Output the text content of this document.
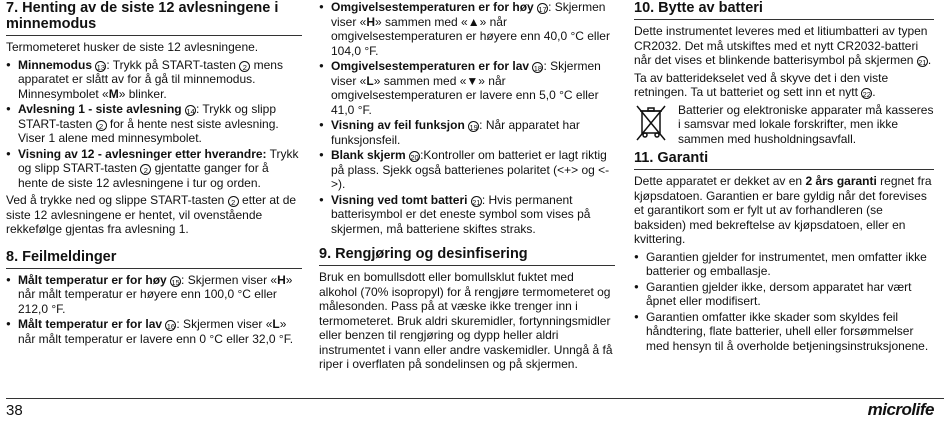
7. Henting av de siste 12 avlesningene i minnemodus

Termometeret husker de siste 12 avlesningene.

● Minnemodus 13: Trykk på START-tasten 2 mens apparatet er slått av for å gå til minnemodus. Minnesymbolet «M» blinker.
● Avlesning 1 - siste avlesning 14: Trykk og slipp START-tasten 2 for å hente nest siste avlesning. Viser 1 alene med minnesymbolet.
● Visning av 12 - avlesninger etter hverandre: Trykk og slipp START-tasten 2 gjentatte ganger for å hente de siste 12 avlesningene i tur og orden.

Ved å trykke ned og slippe START-tasten 2 etter at de siste 12 avlesningene er hentet, vil ovenstående rekkefølge gjentas fra avlesning 1.

8. Feilmeldinger
● Målt temperatur er for høy 15: Skjermen viser «H» når målt temperatur er høyere enn 100,0 °C eller 212,0 °F.
● Målt temperatur er for lav 16: Skjermen viser «L» når målt temperatur er lavere enn 0 °C eller 32,0 °F.
● Omgivelsestemperaturen er for høy 17: Skjermen viser «H» sammen med «▲» når omgivelsestemperaturen er høyere enn 40,0 °C eller 104,0 °F.
● Omgivelsestemperaturen er for lav 18: Skjermen viser «L» sammen med «▼» når omgivelsestemperaturen er lavere enn 5,0 °C eller 41,0 °F.
● Visning av feil funksjon 19: Når apparatet har funksjonsfeil.
● Blank skjerm 20:Kontroller om batteriet er lagt riktig på plass. Sjekk også batterienes polaritet (<+> og <->).
● Visning ved tomt batteri 21: Hvis permanent batterisymbol er det eneste symbol som vises på skjermen, må batteriene skiftes straks.
9. Rengjøring og desinfisering

Bruk en bomullsdott eller bomullsklut fuktet med alkohol (70% isopropyl) for å rengjøre termometeret og målesonden. Pass på at væske ikke trenger inn i termometeret. Bruk aldri skuremidler, fortynningsmidler eller benzen til rengjøring og dypp heller aldri instrumentet i vann eller andre vaskemidler. Unngå å få riper i overflaten på sondelinsen og på skjermen.

10. Bytte av batteri

Dette instrumentet leveres med et litiumbatteri av typen CR2032. Det må utskiftes med et nytt CR2032-batteri når det vises et blinkende batterisymbol på skjermen 21.

Ta av batteridekselet ved å skyve det i den viste retningen. Ta ut batteriet og sett inn et nytt 22.

Batterier og elektroniske apparater må kasseres i samsvar med lokale forskrifter, men ikke sammen med husholdningsavfall.
11. Garanti

Dette apparatet er dekket av en 2 års garanti regnet fra kjøpsdatoen. Garantien er bare gyldig når det forevises et garantikort som er fylt ut av forhandleren (se baksiden) med bekreftelse av kjøpsdatoen, eller en kvittering.

● Garantien gjelder for instrumentet, men omfatter ikke batterier og emballasje.
● Garantien gjelder ikke, dersom apparatet har vært åpnet eller modifisert.
● Garantien omfatter ikke skader som skyldes feil håndtering, flate batterier, uhell eller forsømmelser med hensyn til å overholde betjeningsinstruksjonene.
38	microlife
